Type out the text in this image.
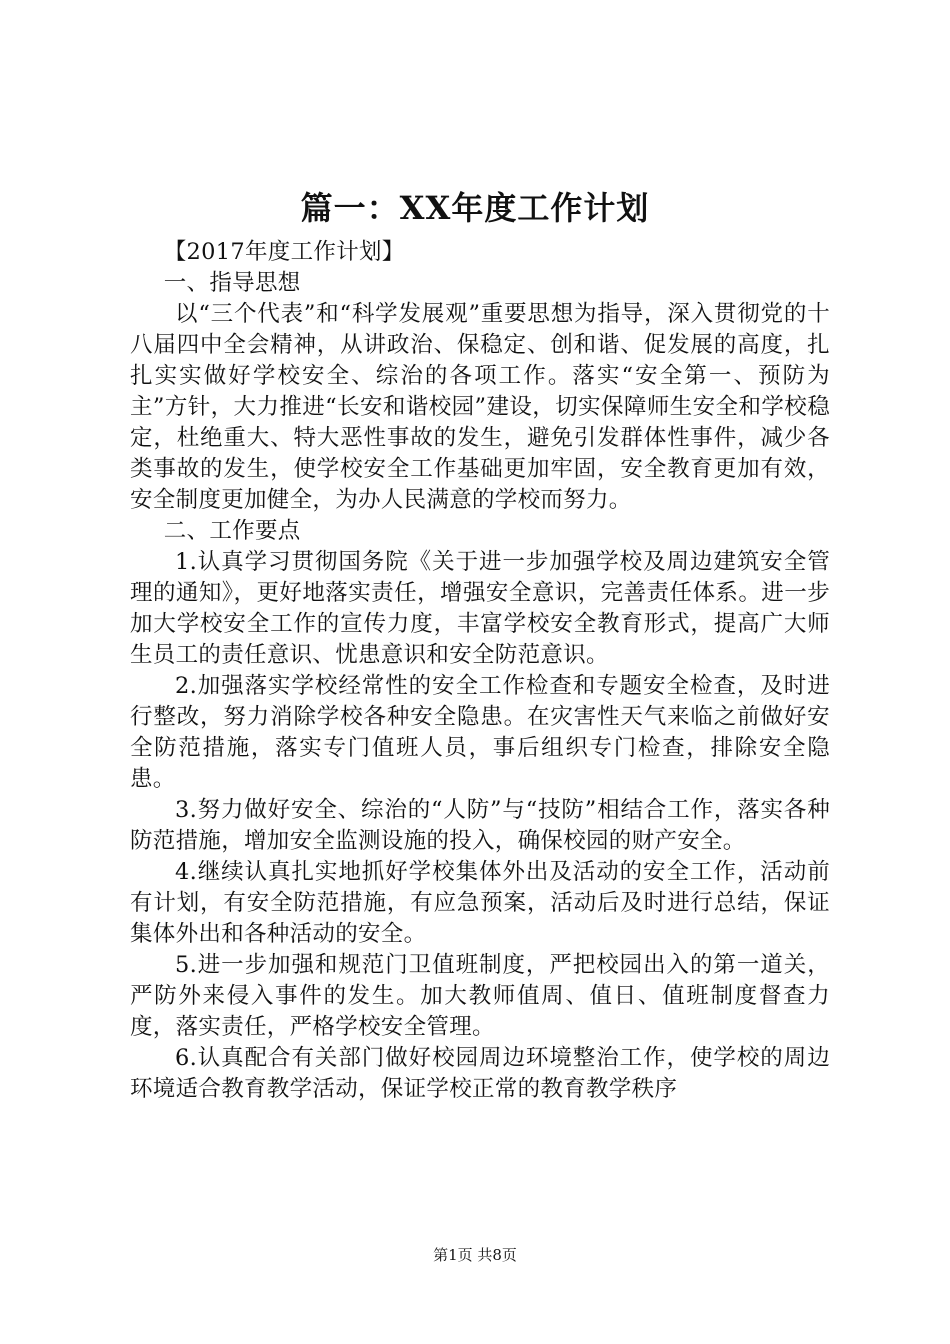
篇一：XX年度工作计划

【2017年度工作计划】

一、指导思想

以“三个代表”和“科学发展观”重要思想为指导，深入贯彻党的十八届四中全会精神，从讲政治、保稳定、创和谐、促发展的高度，扎扎实实做好学校安全、综治的各项工作。落实“安全第一、预防为主”方针，大力推进“长安和谐校园”建设，切实保障师生安全和学校稳定，杜绝重大、特大恶性事故的发生，避免引发群体性事件，减少各类事故的发生，使学校安全工作基础更加牢固，安全教育更加有效，安全制度更加健全，为办人民满意的学校而努力。

二、工作要点

1.认真学习贯彻国务院《关于进一步加强学校及周边建筑安全管理的通知》，更好地落实责任，增强安全意识，完善责任体系。进一步加大学校安全工作的宣传力度，丰富学校安全教育形式，提高广大师生员工的责任意识、忧患意识和安全防范意识。

2.加强落实学校经常性的安全工作检查和专题安全检查，及时进行整改，努力消除学校各种安全隐患。在灾害性天气来临之前做好安全防范措施，落实专门值班人员，事后组织专门检查，排除安全隐患。

3.努力做好安全、综治的“人防”与“技防”相结合工作，落实各种防范措施，增加安全监测设施的投入，确保校园的财产安全。

4.继续认真扎实地抓好学校集体外出及活动的安全工作，活动前有计划，有安全防范措施，有应急预案，活动后及时进行总结，保证集体外出和各种活动的安全。

5.进一步加强和规范门卫值班制度，严把校园出入的第一道关，严防外来侵入事件的发生。加大教师值周、值日、值班制度督查力度，落实责任，严格学校安全管理。

6.认真配合有关部门做好校园周边环境整治工作，使学校的周边环境适合教育教学活动，保证学校正常的教育教学秩序

第1页 共8页
